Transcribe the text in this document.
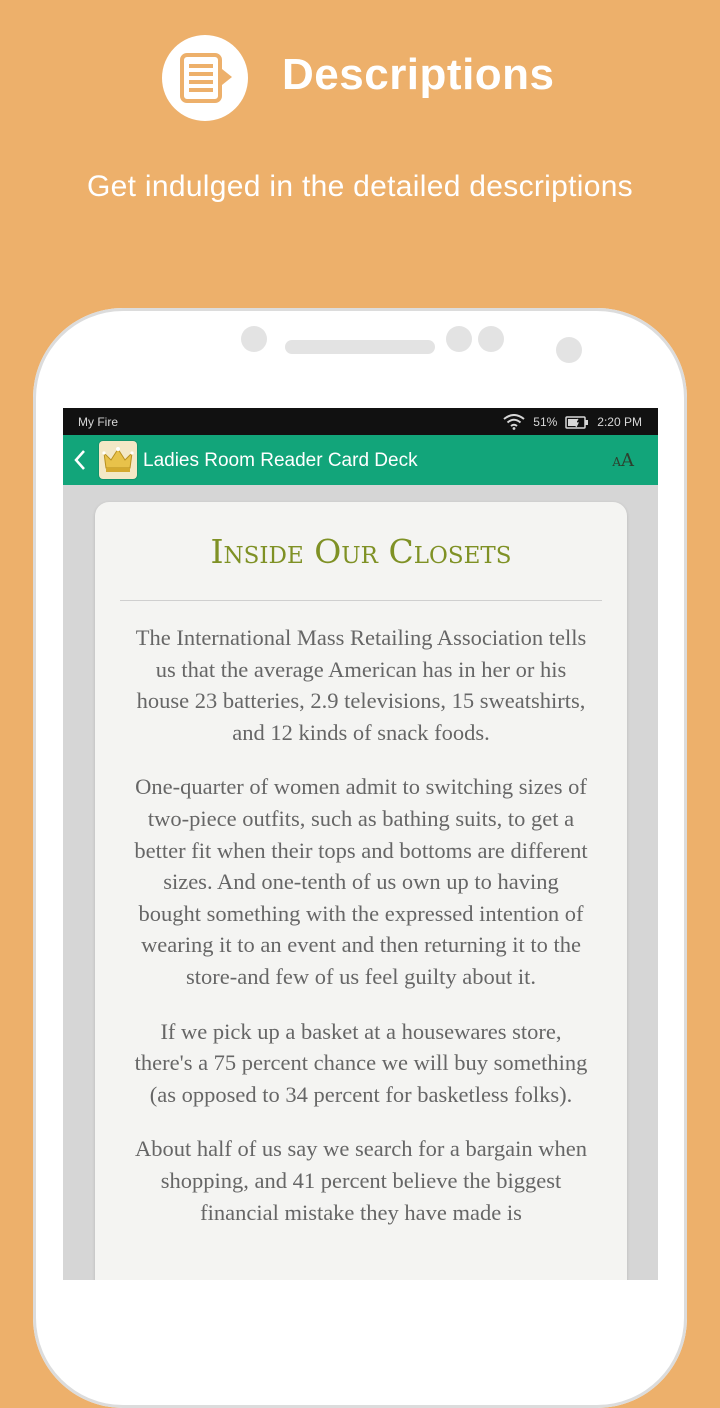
Descriptions
Get indulged in the detailed descriptions
My Fire	51%	2:20 PM
Ladies Room Reader Card Deck	AA
Inside Our Closets

The International Mass Retailing Association tells us that the average American has in her or his house 23 batteries, 2.9 televisions, 15 sweatshirts, and 12 kinds of snack foods.

One-quarter of women admit to switching sizes of two-piece outfits, such as bathing suits, to get a better fit when their tops and bottoms are different sizes. And one-tenth of us own up to having bought something with the expressed intention of wearing it to an event and then returning it to the store-and few of us feel guilty about it.

If we pick up a basket at a housewares store, there's a 75 percent chance we will buy something (as opposed to 34 percent for basketless folks).

About half of us say we search for a bargain when shopping, and 41 percent believe the biggest financial mistake they have made is
